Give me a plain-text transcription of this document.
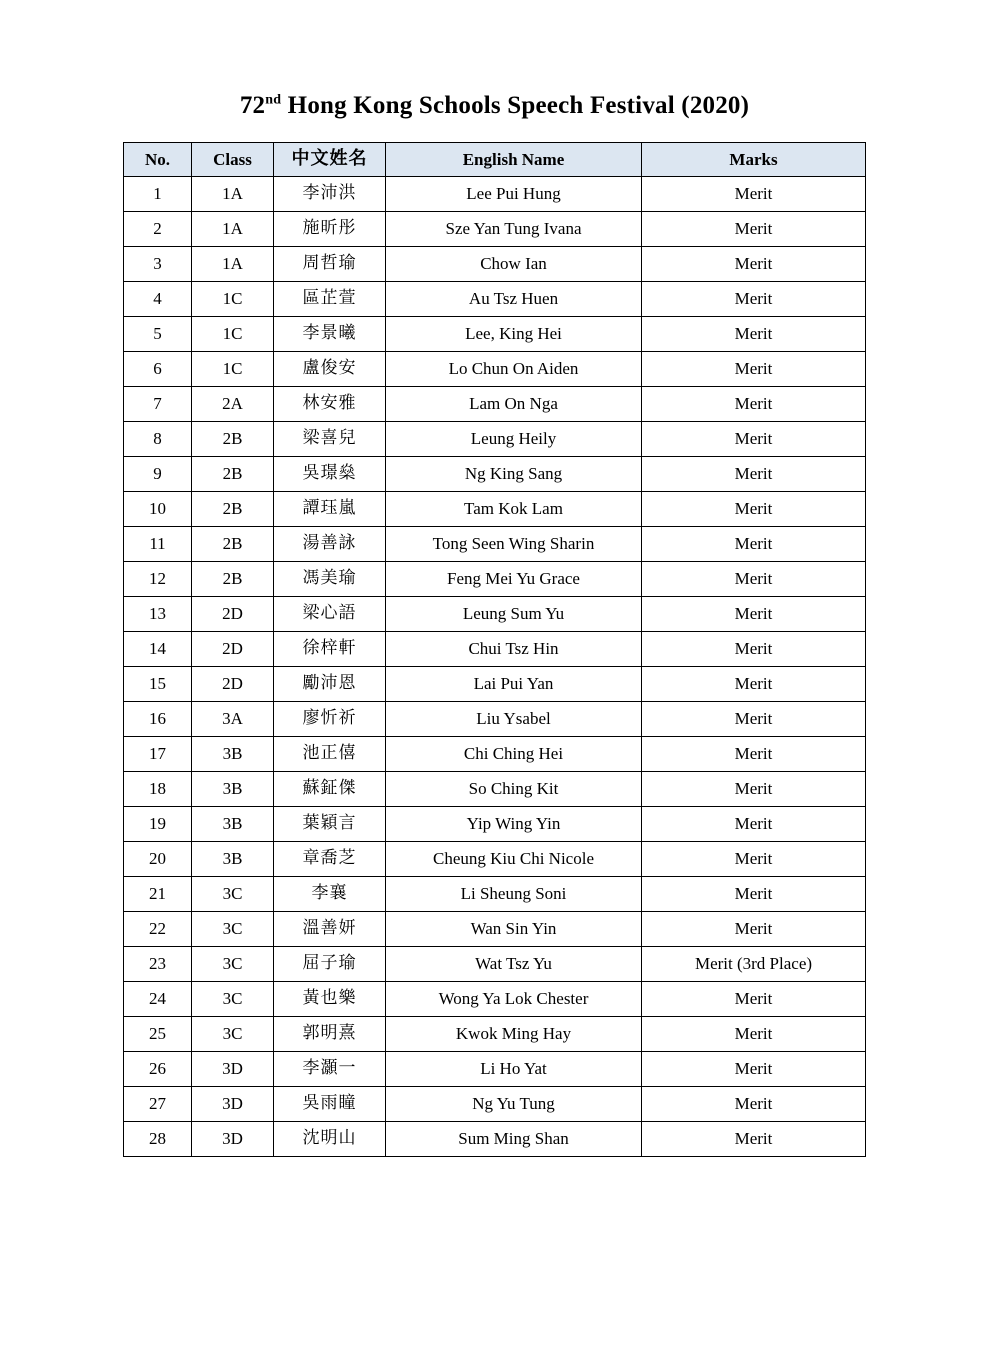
72nd Hong Kong Schools Speech Festival (2020)
No.	Class	中文姓名	English Name	Marks
1	1A	李沛洪	Lee Pui Hung	Merit
2	1A	施昕彤	Sze Yan Tung Ivana	Merit
3	1A	周哲瑜	Chow Ian	Merit
4	1C	區芷萱	Au Tsz Huen	Merit
5	1C	李景曦	Lee, King Hei	Merit
6	1C	盧俊安	Lo Chun On Aiden	Merit
7	2A	林安雅	Lam On Nga	Merit
8	2B	梁喜兒	Leung Heily	Merit
9	2B	吳璟燊	Ng King Sang	Merit
10	2B	譚珏嵐	Tam Kok Lam	Merit
11	2B	湯善詠	Tong Seen Wing Sharin	Merit
12	2B	馮美瑜	Feng Mei Yu Grace	Merit
13	2D	梁心語	Leung Sum Yu	Merit
14	2D	徐梓軒	Chui Tsz Hin	Merit
15	2D	勵沛恩	Lai Pui Yan	Merit
16	3A	廖忻祈	Liu Ysabel	Merit
17	3B	池正僖	Chi Ching Hei	Merit
18	3B	蘇鉦傑	So Ching Kit	Merit
19	3B	葉穎言	Yip Wing Yin	Merit
20	3B	章喬芝	Cheung Kiu Chi Nicole	Merit
21	3C	李襄	Li Sheung Soni	Merit
22	3C	溫善妍	Wan Sin Yin	Merit
23	3C	屈子瑜	Wat Tsz Yu	Merit (3rd Place)
24	3C	黃也樂	Wong Ya Lok Chester	Merit
25	3C	郭明熹	Kwok Ming Hay	Merit
26	3D	李灝一	Li Ho Yat	Merit
27	3D	吳雨瞳	Ng Yu Tung	Merit
28	3D	沈明山	Sum Ming Shan	Merit
